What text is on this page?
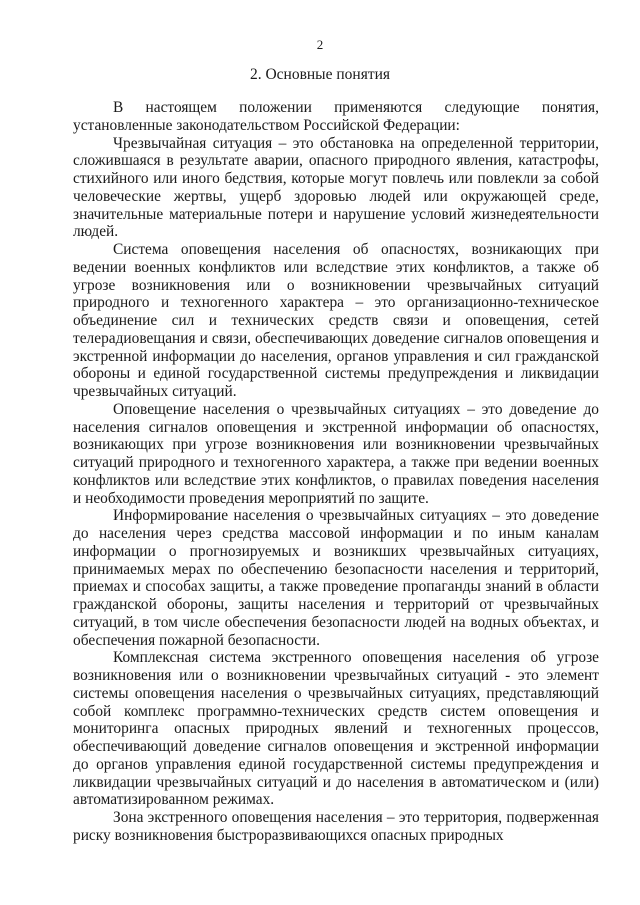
2
2. Основные понятия

В настоящем положении применяются следующие понятия, установленные законодательством Российской Федерации:

Чрезвычайная ситуация – это обстановка на определенной территории, сложившаяся в результате аварии, опасного природного явления, катастрофы, стихийного или иного бедствия, которые могут повлечь или повлекли за собой человеческие жертвы, ущерб здоровью людей или окружающей среде, значительные материальные потери и нарушение условий жизнедеятельности людей.

Система оповещения населения об опасностях, возникающих при ведении военных конфликтов или вследствие этих конфликтов, а также об угрозе возникновения или о возникновении чрезвычайных ситуаций природного и техногенного характера – это организационно-техническое объединение сил и технических средств связи и оповещения, сетей телерадиовещания и связи, обеспечивающих доведение сигналов оповещения и экстренной информации до населения, органов управления и сил гражданской обороны и единой государственной системы предупреждения и ликвидации чрезвычайных ситуаций.

Оповещение населения о чрезвычайных ситуациях – это доведение до населения сигналов оповещения и экстренной информации об опасностях, возникающих при угрозе возникновения или возникновении чрезвычайных ситуаций природного и техногенного характера, а также при ведении военных конфликтов или вследствие этих конфликтов, о правилах поведения населения и необходимости проведения мероприятий по защите.

Информирование населения о чрезвычайных ситуациях – это доведение до населения через средства массовой информации и по иным каналам информации о прогнозируемых и возникших чрезвычайных ситуациях, принимаемых мерах по обеспечению безопасности населения и территорий, приемах и способах защиты, а также проведение пропаганды знаний в области гражданской обороны, защиты населения и территорий от чрезвычайных ситуаций, в том числе обеспечения безопасности людей на водных объектах, и обеспечения пожарной безопасности.

Комплексная система экстренного оповещения населения об угрозе возникновения или о возникновении чрезвычайных ситуаций - это элемент системы оповещения населения о чрезвычайных ситуациях, представляющий собой комплекс программно-технических средств систем оповещения и мониторинга опасных природных явлений и техногенных процессов, обеспечивающий доведение сигналов оповещения и экстренной информации до органов управления единой государственной системы предупреждения и ликвидации чрезвычайных ситуаций и до населения в автоматическом и (или) автоматизированном режимах.

Зона экстренного оповещения населения – это территория, подверженная риску возникновения быстроразвивающихся опасных природных
